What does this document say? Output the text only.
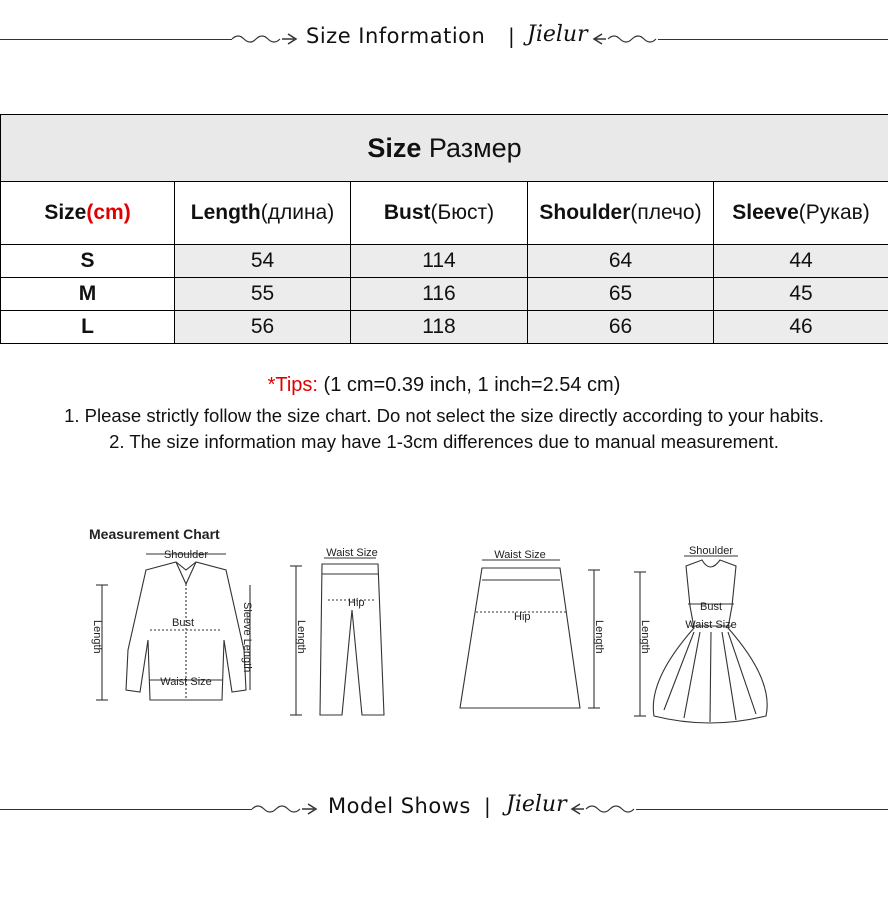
Size Information | Jielur
Size Размер				
Size(cm)	Length(длина)	Bust(Бюст)	Shoulder(плечо)	Sleeve(Рукав)
S	54	114	64	44
M	55	116	65	45
L	56	118	66	46
*Tips: (1 cm=0.39 inch, 1 inch=2.54 cm)
1. Please strictly follow the size chart. Do not select the size directly according to your habits.
2. The size information may have 1-3cm differences due to manual measurement.
Measurement Chart
Shoulder
Bust
Waist Size
Length	Sleeve Length
Waist Size
Hip
Length
Waist Size
Hip
Length
Shoulder
Bust
Waist Size
Length
Model Shows | Jielur
